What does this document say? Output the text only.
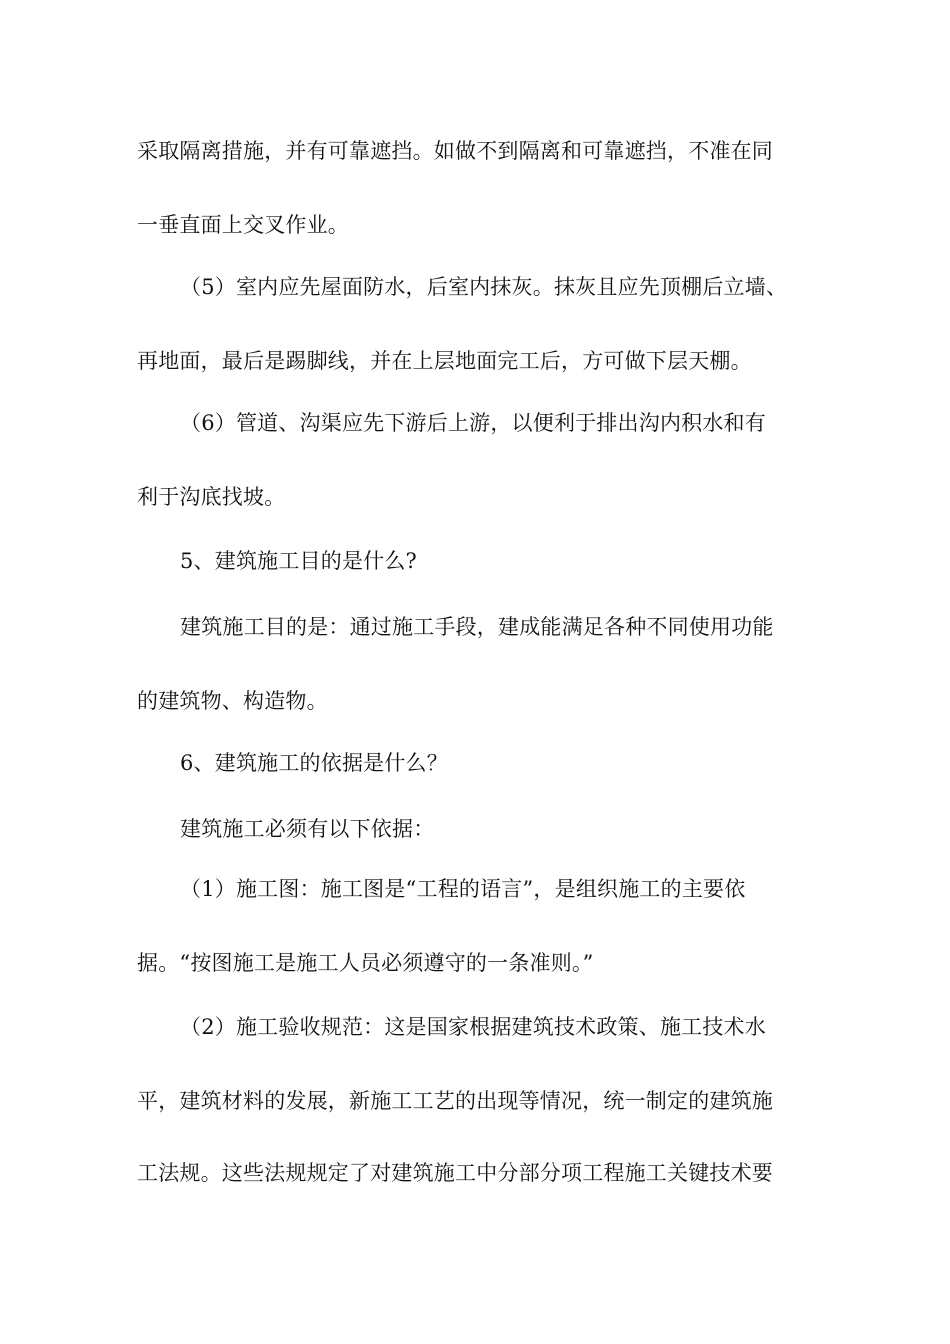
采取隔离措施，并有可靠遮挡。如做不到隔离和可靠遮挡，不准在同
一垂直面上交叉作业。
（5）室内应先屋面防水，后室内抹灰。抹灰且应先顶棚后立墙、
再地面，最后是踢脚线，并在上层地面完工后，方可做下层天棚。
（6）管道、沟渠应先下游后上游，以便利于排出沟内积水和有
利于沟底找坡。
5、建筑施工目的是什么?
建筑施工目的是：通过施工手段，建成能满足各种不同使用功能
的建筑物、构造物。
6、建筑施工的依据是什么？
建筑施工必须有以下依据：
（1）施工图：施工图是“工程的语言”，是组织施工的主要依
据。“按图施工是施工人员必须遵守的一条准则。”
（2）施工验收规范：这是国家根据建筑技术政策、施工技术水
平，建筑材料的发展，新施工工艺的出现等情况，统一制定的建筑施
工法规。这些法规规定了对建筑施工中分部分项工程施工关键技术要
